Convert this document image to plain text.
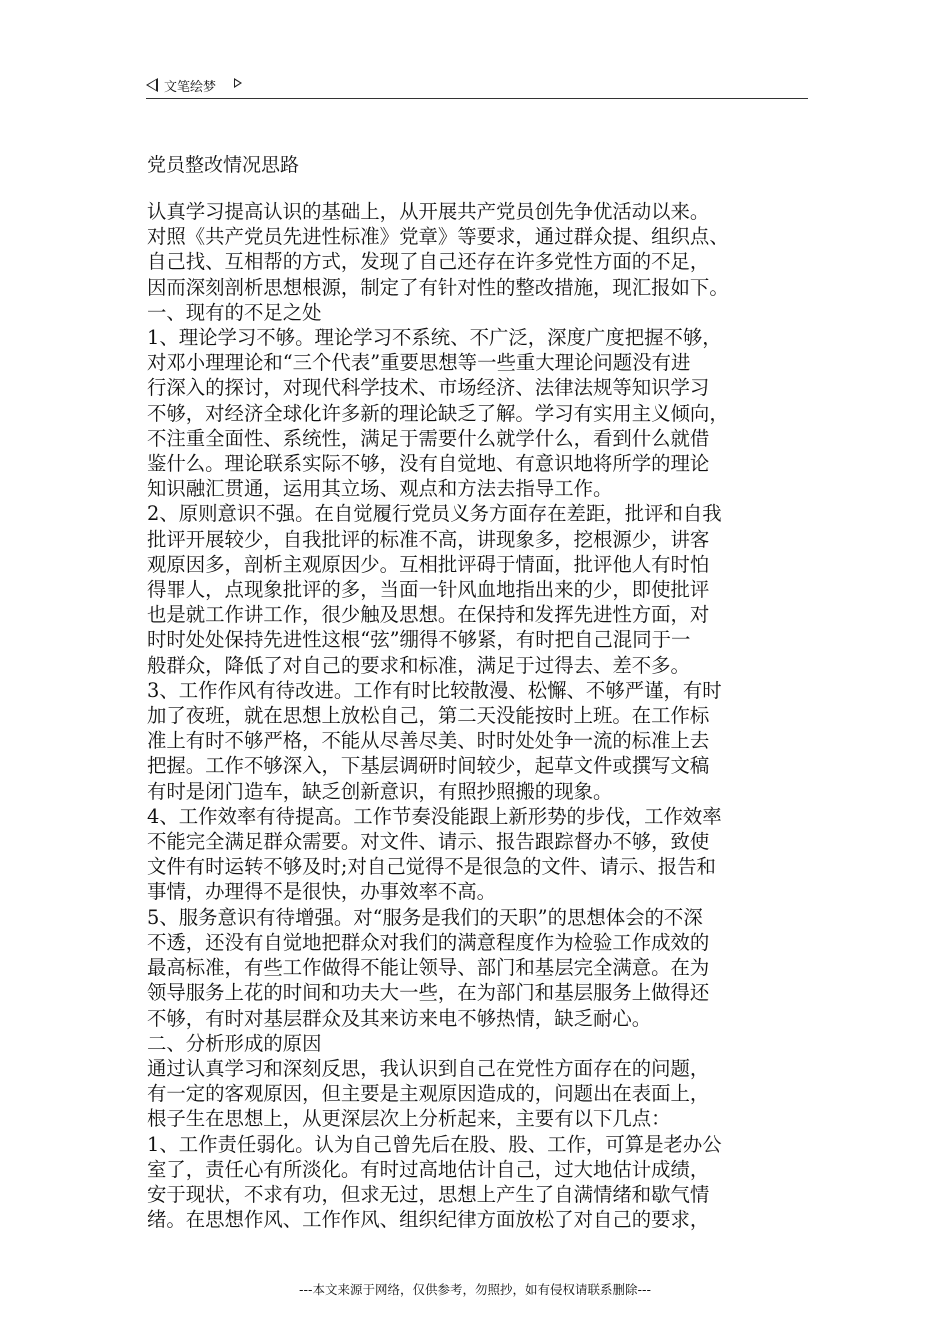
文笔绘梦
党员整改情况思路

认真学习提高认识的基础上，从开展共产党员创先争优活动以来。

对照《共产党员先进性标准》党章》等要求，通过群众提、组织点、

自己找、互相帮的方式，发现了自己还存在许多党性方面的不足，

因而深刻剖析思想根源，制定了有针对性的整改措施，现汇报如下。

一、现有的不足之处

1、理论学习不够。理论学习不系统、不广泛，深度广度把握不够，

对邓小理理论和“三个代表”重要思想等一些重大理论问题没有进

行深入的探讨，对现代科学技术、市场经济、法律法规等知识学习

不够，对经济全球化许多新的理论缺乏了解。学习有实用主义倾向，

不注重全面性、系统性，满足于需要什么就学什么，看到什么就借

鉴什么。理论联系实际不够，没有自觉地、有意识地将所学的理论

知识融汇贯通，运用其立场、观点和方法去指导工作。

2、原则意识不强。在自觉履行党员义务方面存在差距，批评和自我

批评开展较少，自我批评的标准不高，讲现象多，挖根源少，讲客

观原因多，剖析主观原因少。互相批评碍于情面，批评他人有时怕

得罪人，点现象批评的多，当面一针风血地指出来的少，即使批评

也是就工作讲工作，很少触及思想。在保持和发挥先进性方面，对

时时处处保持先进性这根“弦”绷得不够紧，有时把自己混同于一

般群众，降低了对自己的要求和标准，满足于过得去、差不多。

3、工作作风有待改进。工作有时比较散漫、松懈、不够严谨，有时

加了夜班，就在思想上放松自己，第二天没能按时上班。在工作标

准上有时不够严格，不能从尽善尽美、时时处处争一流的标准上去

把握。工作不够深入，下基层调研时间较少，起草文件或撰写文稿

有时是闭门造车，缺乏创新意识，有照抄照搬的现象。

4、工作效率有待提高。工作节奏没能跟上新形势的步伐，工作效率

不能完全满足群众需要。对文件、请示、报告跟踪督办不够，致使

文件有时运转不够及时;对自己觉得不是很急的文件、请示、报告和

事情，办理得不是很快，办事效率不高。

5、服务意识有待增强。对“服务是我们的天职”的思想体会的不深

不透，还没有自觉地把群众对我们的满意程度作为检验工作成效的

最高标准，有些工作做得不能让领导、部门和基层完全满意。在为

领导服务上花的时间和功夫大一些，在为部门和基层服务上做得还

不够，有时对基层群众及其来访来电不够热情，缺乏耐心。

二、分析形成的原因

通过认真学习和深刻反思，我认识到自己在党性方面存在的问题，

有一定的客观原因，但主要是主观原因造成的，问题出在表面上，

根子生在思想上，从更深层次上分析起来，主要有以下几点：

1、工作责任弱化。认为自己曾先后在股、股、工作，可算是老办公

室了，责任心有所淡化。有时过高地估计自己，过大地估计成绩，

安于现状，不求有功，但求无过，思想上产生了自满情绪和歇气情

绪。在思想作风、工作作风、组织纪律方面放松了对自己的要求，

---本文来源于网络，仅供参考，勿照抄，如有侵权请联系删除---
